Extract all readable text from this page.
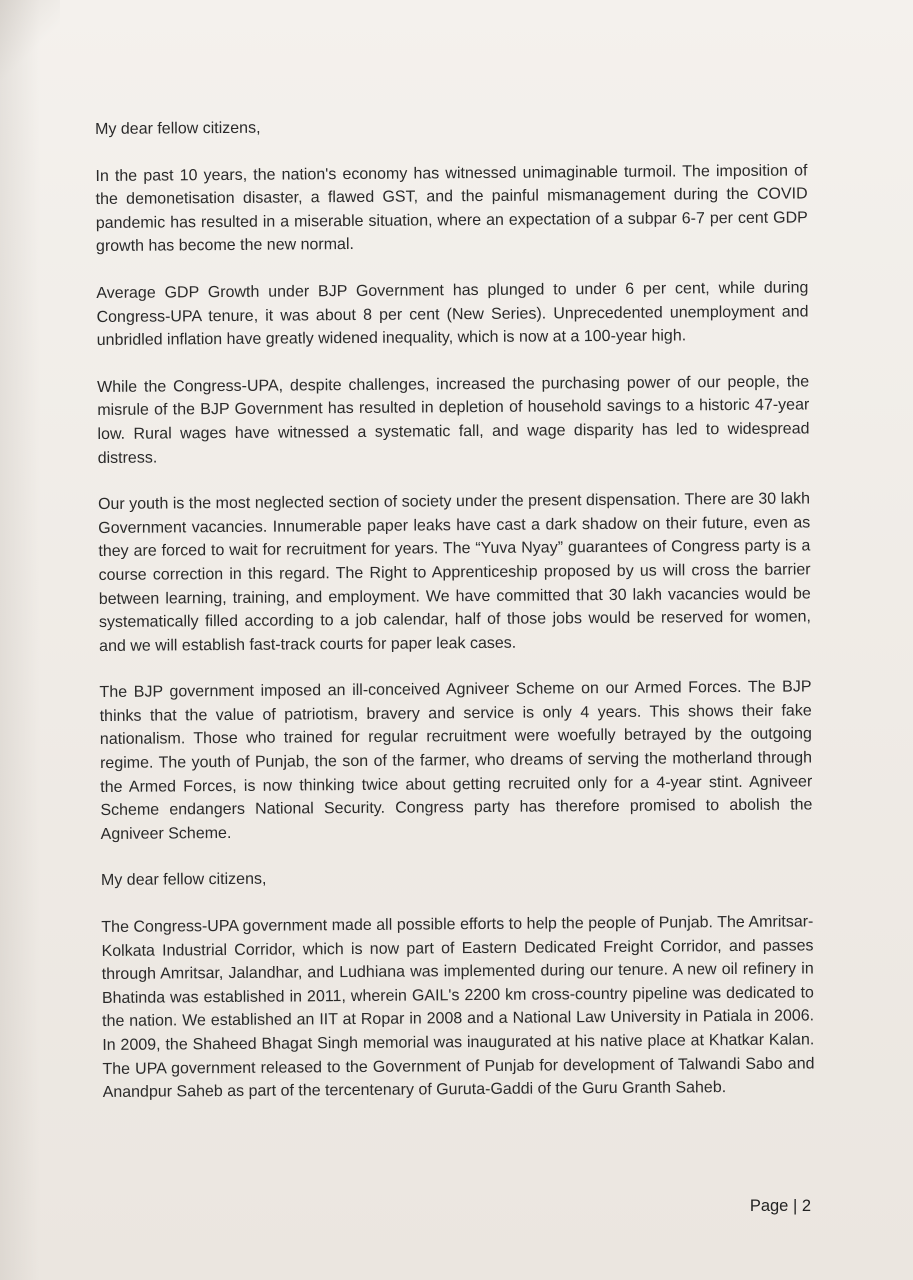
My dear fellow citizens,

In the past 10 years, the nation's economy has witnessed unimaginable turmoil. The imposition of the demonetisation disaster, a flawed GST, and the painful mismanagement during the COVID pandemic has resulted in a miserable situation, where an expectation of a subpar 6-7 per cent GDP growth has become the new normal.

Average GDP Growth under BJP Government has plunged to under 6 per cent, while during Congress-UPA tenure, it was about 8 per cent (New Series). Unprecedented unemployment and unbridled inflation have greatly widened inequality, which is now at a 100-year high.

While the Congress-UPA, despite challenges, increased the purchasing power of our people, the misrule of the BJP Government has resulted in depletion of household savings to a historic 47-year low. Rural wages have witnessed a systematic fall, and wage disparity has led to widespread distress.

Our youth is the most neglected section of society under the present dispensation. There are 30 lakh Government vacancies. Innumerable paper leaks have cast a dark shadow on their future, even as they are forced to wait for recruitment for years. The “Yuva Nyay” guarantees of Congress party is a course correction in this regard. The Right to Apprenticeship proposed by us will cross the barrier between learning, training, and employment. We have committed that 30 lakh vacancies would be systematically filled according to a job calendar, half of those jobs would be reserved for women, and we will establish fast-track courts for paper leak cases.

The BJP government imposed an ill-conceived Agniveer Scheme on our Armed Forces. The BJP thinks that the value of patriotism, bravery and service is only 4 years. This shows their fake nationalism. Those who trained for regular recruitment were woefully betrayed by the outgoing regime. The youth of Punjab, the son of the farmer, who dreams of serving the motherland through the Armed Forces, is now thinking twice about getting recruited only for a 4-year stint. Agniveer Scheme endangers National Security. Congress party has therefore promised to abolish the Agniveer Scheme.

My dear fellow citizens,

The Congress-UPA government made all possible efforts to help the people of Punjab. The Amritsar-Kolkata Industrial Corridor, which is now part of Eastern Dedicated Freight Corridor, and passes through Amritsar, Jalandhar, and Ludhiana was implemented during our tenure. A new oil refinery in Bhatinda was established in 2011, wherein GAIL's 2200 km cross-country pipeline was dedicated to the nation. We established an IIT at Ropar in 2008 and a National Law University in Patiala in 2006. In 2009, the Shaheed Bhagat Singh memorial was inaugurated at his native place at Khatkar Kalan. The UPA government released to the Government of Punjab for development of Talwandi Sabo and Anandpur Saheb as part of the tercentenary of Guruta-Gaddi of the Guru Granth Saheb.

Page | 2
